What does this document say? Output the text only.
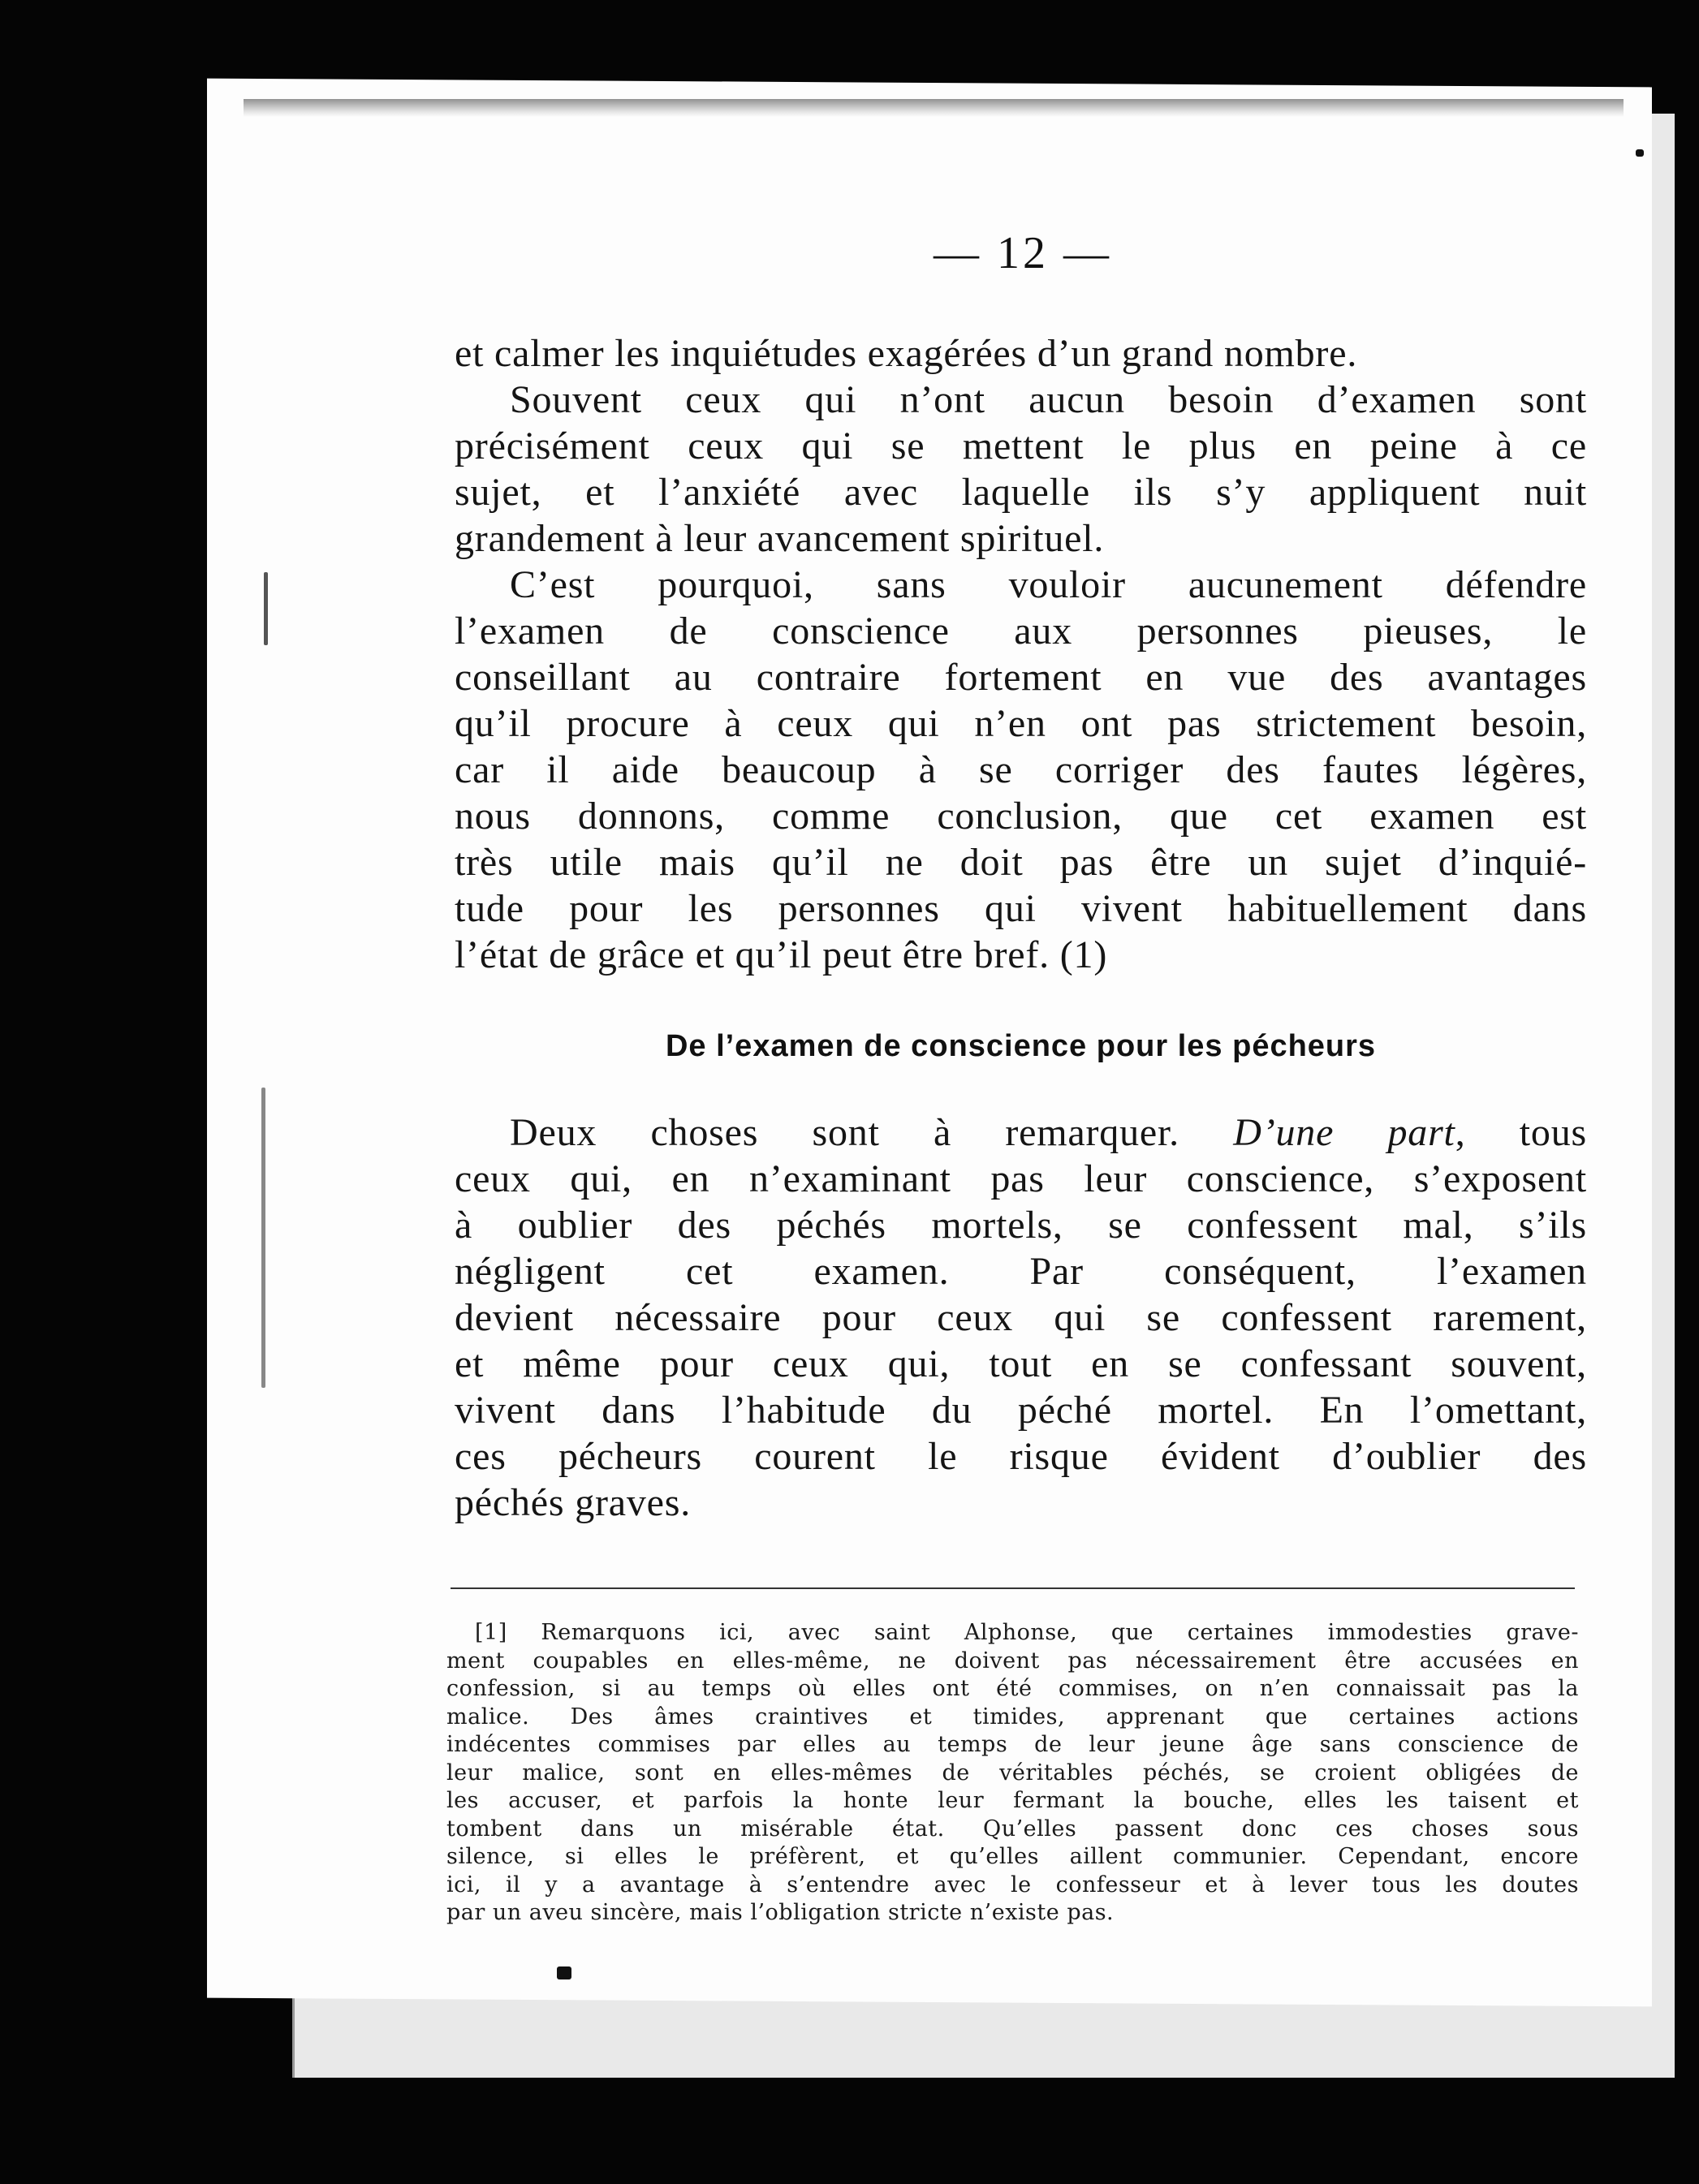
— 12 —
et calmer les inquiétudes exagérées d’un grand nombre.
Souvent ceux qui n’ont aucun besoin d’examen sont
précisément ceux qui se mettent le plus en peine à ce
sujet, et l’anxiété avec laquelle ils s’y appliquent nuit
grandement à leur avancement spirituel.
C’est pourquoi, sans vouloir aucunement défendre
l’examen de conscience aux personnes pieuses, le
conseillant au contraire fortement en vue des avantages
qu’il procure à ceux qui n’en ont pas strictement besoin,
car il aide beaucoup à se corriger des fautes légères,
nous donnons, comme conclusion, que cet examen est
très utile mais qu’il ne doit pas être un sujet d’inquié-
tude pour les personnes qui vivent habituellement dans
l’état de grâce et qu’il peut être bref. (1)
De l’examen de conscience pour les pécheurs
Deux choses sont à remarquer. D’une part, tous
ceux qui, en n’examinant pas leur conscience, s’exposent
à oublier des péchés mortels, se confessent mal, s’ils
négligent cet examen. Par conséquent, l’examen
devient nécessaire pour ceux qui se confessent rarement,
et même pour ceux qui, tout en se confessant souvent,
vivent dans l’habitude du péché mortel. En l’omettant,
ces pécheurs courent le risque évident d’oublier des
péchés graves.
[1] Remarquons ici, avec saint Alphonse, que certaines immodesties grave-
ment coupables en elles-même, ne doivent pas nécessairement être accusées en
confession, si au temps où elles ont été commises, on n’en connaissait pas la
malice. Des âmes craintives et timides, apprenant que certaines actions
indécentes commises par elles au temps de leur jeune âge sans conscience de
leur malice, sont en elles-mêmes de véritables péchés, se croient obligées de
les accuser, et parfois la honte leur fermant la bouche, elles les taisent et
tombent dans un misérable état. Qu’elles passent donc ces choses sous
silence, si elles le préfèrent, et qu’elles aillent communier. Cependant, encore
ici, il y a avantage à s’entendre avec le confesseur et à lever tous les doutes
par un aveu sincère, mais l’obligation stricte n’existe pas.
